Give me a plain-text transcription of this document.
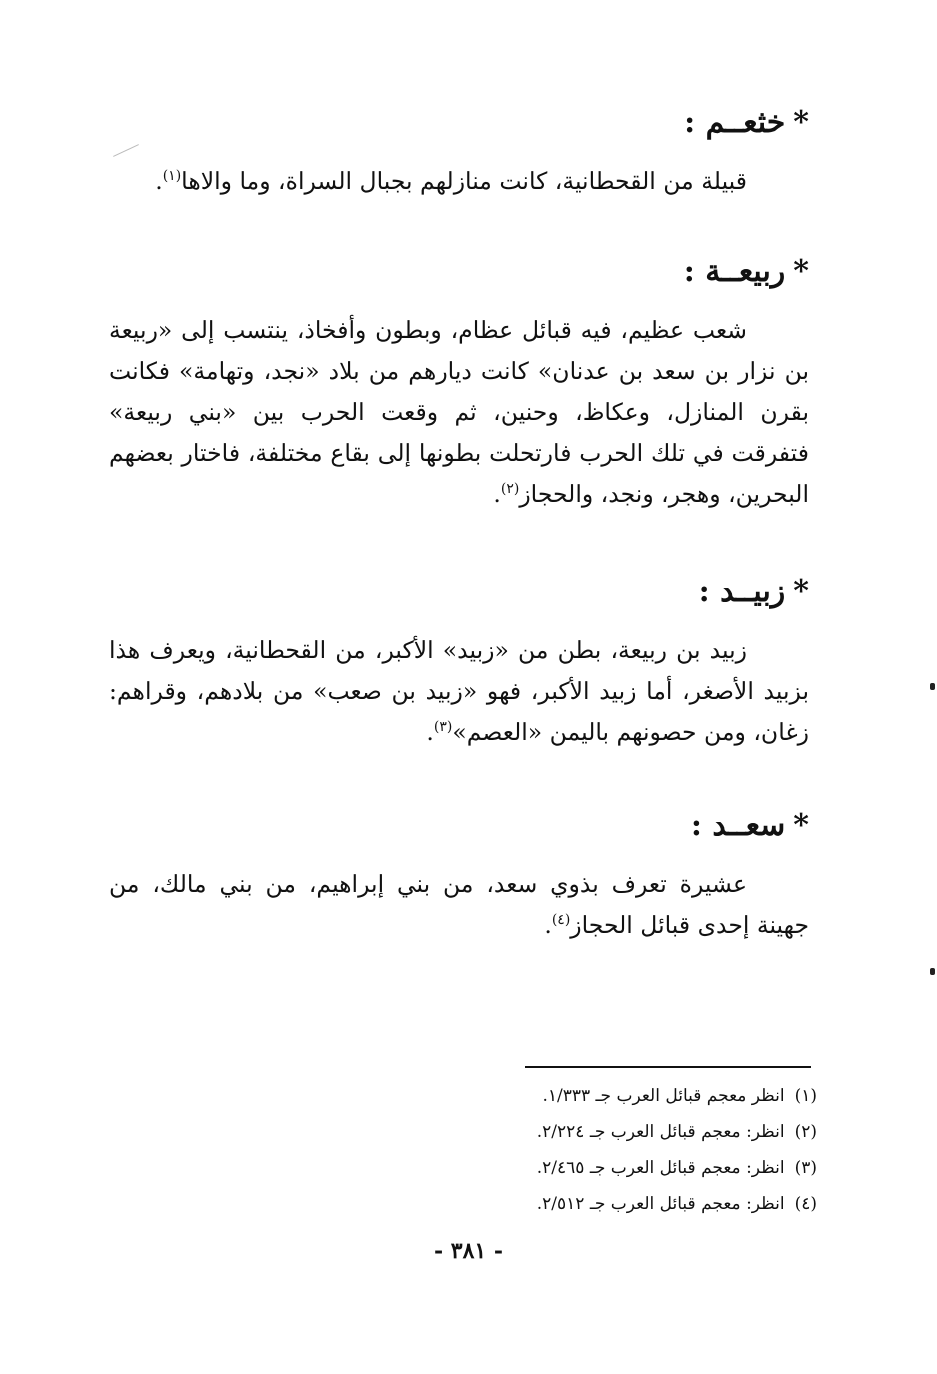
*خثعــم :

قبيلة من القحطانية، كانت منازلهم بجبال السراة، وما والاها$^{(١)}$.

*ربيعــة :

شعب عظيم، فيه قبائل عظام، وبطون وأفخاذ، ينتسب إلى «ربيعة بن نزار بن سعد بن عدنان» كانت ديارهم من بلاد «نجد، وتهامة» فكانت بقرن المنازل، وعكاظ، وحنين، ثم وقعت الحرب بين «بني ربيعة» فتفرقت في تلك الحرب فارتحلت بطونها إلى بقاع مختلفة، فاختار بعضهم البحرين، وهجر، ونجد، والحجاز$^{(٢)}$.

*زبيــد :

زبيد بن ربيعة، بطن من «زبيد» الأكبر، من القحطانية، ويعرف هذا بزبيد الأصغر، أما زبيد الأكبر، فهو «زبيد بن صعب» من بلادهم، وقراهم: زغان، ومن حصونهم باليمن «العصم»$^{(٣)}$.

*سعــد :

عشيرة تعرف بذوي سعد، من بني إبراهيم، من بني مالك، من جهينة إحدى قبائل الحجاز$^{(٤)}$.

(١)انظر معجم قبائل العرب جـ ١/٣٣٣.
(٢)انظر: معجم قبائل العرب جـ ٢/٢٢٤.
(٣)انظر: معجم قبائل العرب جـ ٢/٤٦٥.
(٤)انظر: معجم قبائل العرب جـ ٢/٥١٢.
- ٣٨١ -
